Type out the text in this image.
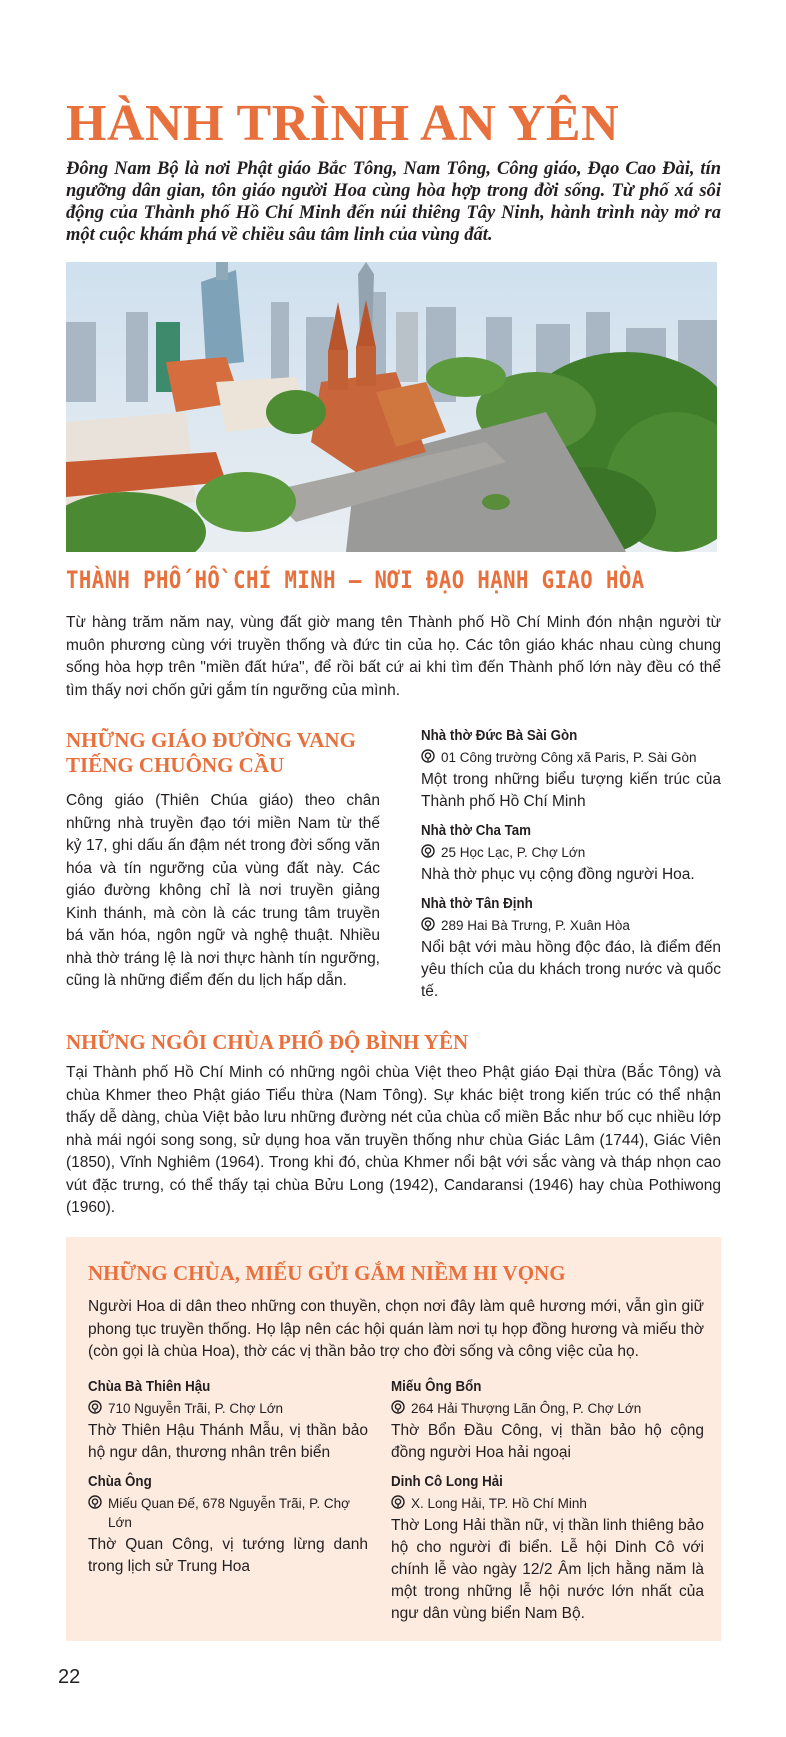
HÀNH TRÌNH AN YÊN

Đông Nam Bộ là nơi Phật giáo Bắc Tông, Nam Tông, Công giáo, Đạo Cao Đài, tín ngưỡng dân gian, tôn giáo người Hoa cùng hòa hợp trong đời sống. Từ phố xá sôi động của Thành phố Hồ Chí Minh đến núi thiêng Tây Ninh, hành trình này mở ra một cuộc khám phá về chiều sâu tâm linh của vùng đất.

THÀNH PHỐ HỒ CHÍ MINH – NƠI ĐẠO HẠNH GIAO HÒA

Từ hàng trăm năm nay, vùng đất giờ mang tên Thành phố Hồ Chí Minh đón nhận người từ muôn phương cùng với truyền thống và đức tin của họ. Các tôn giáo khác nhau cùng chung sống hòa hợp trên "miền đất hứa", để rồi bất cứ ai khi tìm đến Thành phố lớn này đều có thể tìm thấy nơi chốn gửi gắm tín ngưỡng của mình.

NHỮNG GIÁO ĐƯỜNG VANG TIẾNG CHUÔNG CẦU

Công giáo (Thiên Chúa giáo) theo chân những nhà truyền đạo tới miền Nam từ thế kỷ 17, ghi dấu ấn đậm nét trong đời sống văn hóa và tín ngưỡng của vùng đất này. Các giáo đường không chỉ là nơi truyền giảng Kinh thánh, mà còn là các trung tâm truyền bá văn hóa, ngôn ngữ và nghệ thuật. Nhiều nhà thờ tráng lệ là nơi thực hành tín ngưỡng, cũng là những điểm đến du lịch hấp dẫn.

Nhà thờ Đức Bà Sài Gòn

01 Công trường Công xã Paris, P. Sài Gòn

Một trong những biểu tượng kiến trúc của Thành phố Hồ Chí Minh

Nhà thờ Cha Tam

25 Học Lạc, P. Chợ Lớn

Nhà thờ phục vụ cộng đồng người Hoa.

Nhà thờ Tân Định

289 Hai Bà Trưng, P. Xuân Hòa

Nổi bật với màu hồng độc đáo, là điểm đến yêu thích của du khách trong nước và quốc tế.

NHỮNG NGÔI CHÙA PHỔ ĐỘ BÌNH YÊN

Tại Thành phố Hồ Chí Minh có những ngôi chùa Việt theo Phật giáo Đại thừa (Bắc Tông) và chùa Khmer theo Phật giáo Tiểu thừa (Nam Tông). Sự khác biệt trong kiến trúc có thể nhận thấy dễ dàng, chùa Việt bảo lưu những đường nét của chùa cổ miền Bắc như bố cục nhiều lớp nhà mái ngói song song, sử dụng hoa văn truyền thống như chùa Giác Lâm (1744), Giác Viên (1850), Vĩnh Nghiêm (1964). Trong khi đó, chùa Khmer nổi bật với sắc vàng và tháp nhọn cao vút đặc trưng, có thể thấy tại chùa Bửu Long (1942), Candaransi (1946) hay chùa Pothiwong (1960).

NHỮNG CHÙA, MIẾU GỬI GẮM NIỀM HI VỌNG

Người Hoa di dân theo những con thuyền, chọn nơi đây làm quê hương mới, vẫn gìn giữ phong tục truyền thống. Họ lập nên các hội quán làm nơi tụ họp đồng hương và miếu thờ (còn gọi là chùa Hoa), thờ các vị thần bảo trợ cho đời sống và công việc của họ.

Chùa Bà Thiên Hậu

710 Nguyễn Trãi, P. Chợ Lớn

Thờ Thiên Hậu Thánh Mẫu, vị thần bảo hộ ngư dân, thương nhân trên biển

Chùa Ông

Miếu Quan Đế, 678 Nguyễn Trãi, P. Chợ Lớn

Thờ Quan Công, vị tướng lừng danh trong lịch sử Trung Hoa

Miếu Ông Bổn

264 Hải Thượng Lãn Ông, P. Chợ Lớn

Thờ Bổn Đầu Công, vị thần bảo hộ cộng đồng người Hoa hải ngoại

Dinh Cô Long Hải

X. Long Hải, TP. Hồ Chí Minh

Thờ Long Hải thần nữ, vị thần linh thiêng bảo hộ cho người đi biển. Lễ hội Dinh Cô với chính lễ vào ngày 12/2 Âm lịch hằng năm là một trong những lễ hội nước lớn nhất của ngư dân vùng biển Nam Bộ.

22
